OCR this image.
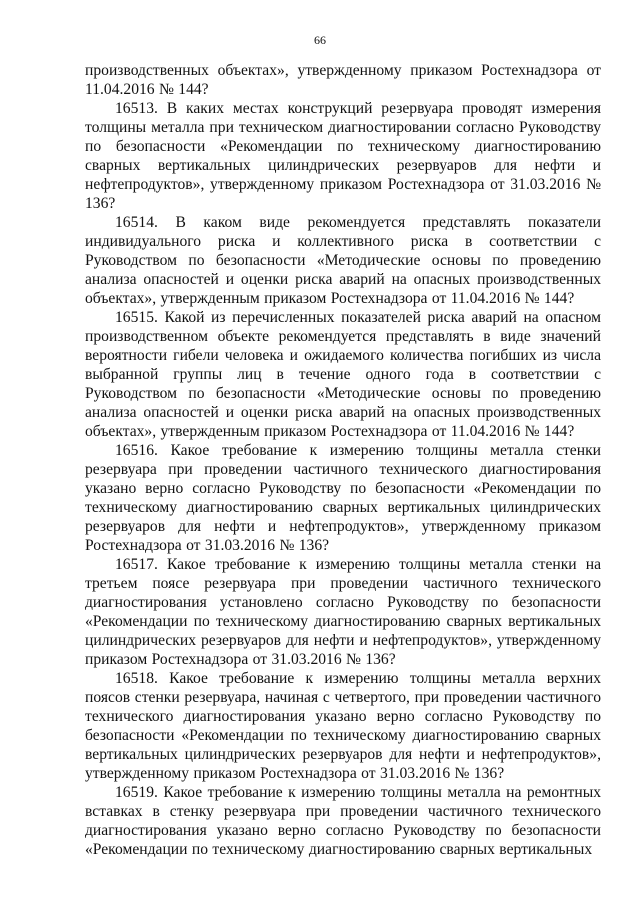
66

производственных объектах», утвержденному приказом Ростехнадзора от 11.04.2016 № 144?

16513. В каких местах конструкций резервуара проводят измерения толщины металла при техническом диагностировании согласно Руководству по безопасности «Рекомендации по техническому диагностированию сварных вертикальных цилиндрических резервуаров для нефти и нефтепродуктов», утвержденному приказом Ростехнадзора от 31.03.2016 № 136?

16514. В каком виде рекомендуется представлять показатели индивидуального риска и коллективного риска в соответствии с Руководством по безопасности «Методические основы по проведению анализа опасностей и оценки риска аварий на опасных производственных объектах», утвержденным приказом Ростехнадзора от 11.04.2016 № 144?

16515. Какой из перечисленных показателей риска аварий на опасном производственном объекте рекомендуется представлять в виде значений вероятности гибели человека и ожидаемого количества погибших из числа выбранной группы лиц в течение одного года в соответствии с Руководством по безопасности «Методические основы по проведению анализа опасностей и оценки риска аварий на опасных производственных объектах», утвержденным приказом Ростехнадзора от 11.04.2016 № 144?

16516. Какое требование к измерению толщины металла стенки резервуара при проведении частичного технического диагностирования указано верно согласно Руководству по безопасности «Рекомендации по техническому диагностированию сварных вертикальных цилиндрических резервуаров для нефти и нефтепродуктов», утвержденному приказом Ростехнадзора от 31.03.2016 № 136?

16517. Какое требование к измерению толщины металла стенки на третьем поясе резервуара при проведении частичного технического диагностирования установлено согласно Руководству по безопасности «Рекомендации по техническому диагностированию сварных вертикальных цилиндрических резервуаров для нефти и нефтепродуктов», утвержденному приказом Ростехнадзора от 31.03.2016 № 136?

16518. Какое требование к измерению толщины металла верхних поясов стенки резервуара, начиная с четвертого, при проведении частичного технического диагностирования указано верно согласно Руководству по безопасности «Рекомендации по техническому диагностированию сварных вертикальных цилиндрических резервуаров для нефти и нефтепродуктов», утвержденному приказом Ростехнадзора от 31.03.2016 № 136?

16519. Какое требование к измерению толщины металла на ремонтных вставках в стенку резервуара при проведении частичного технического диагностирования указано верно согласно Руководству по безопасности «Рекомендации по техническому диагностированию сварных вертикальных
